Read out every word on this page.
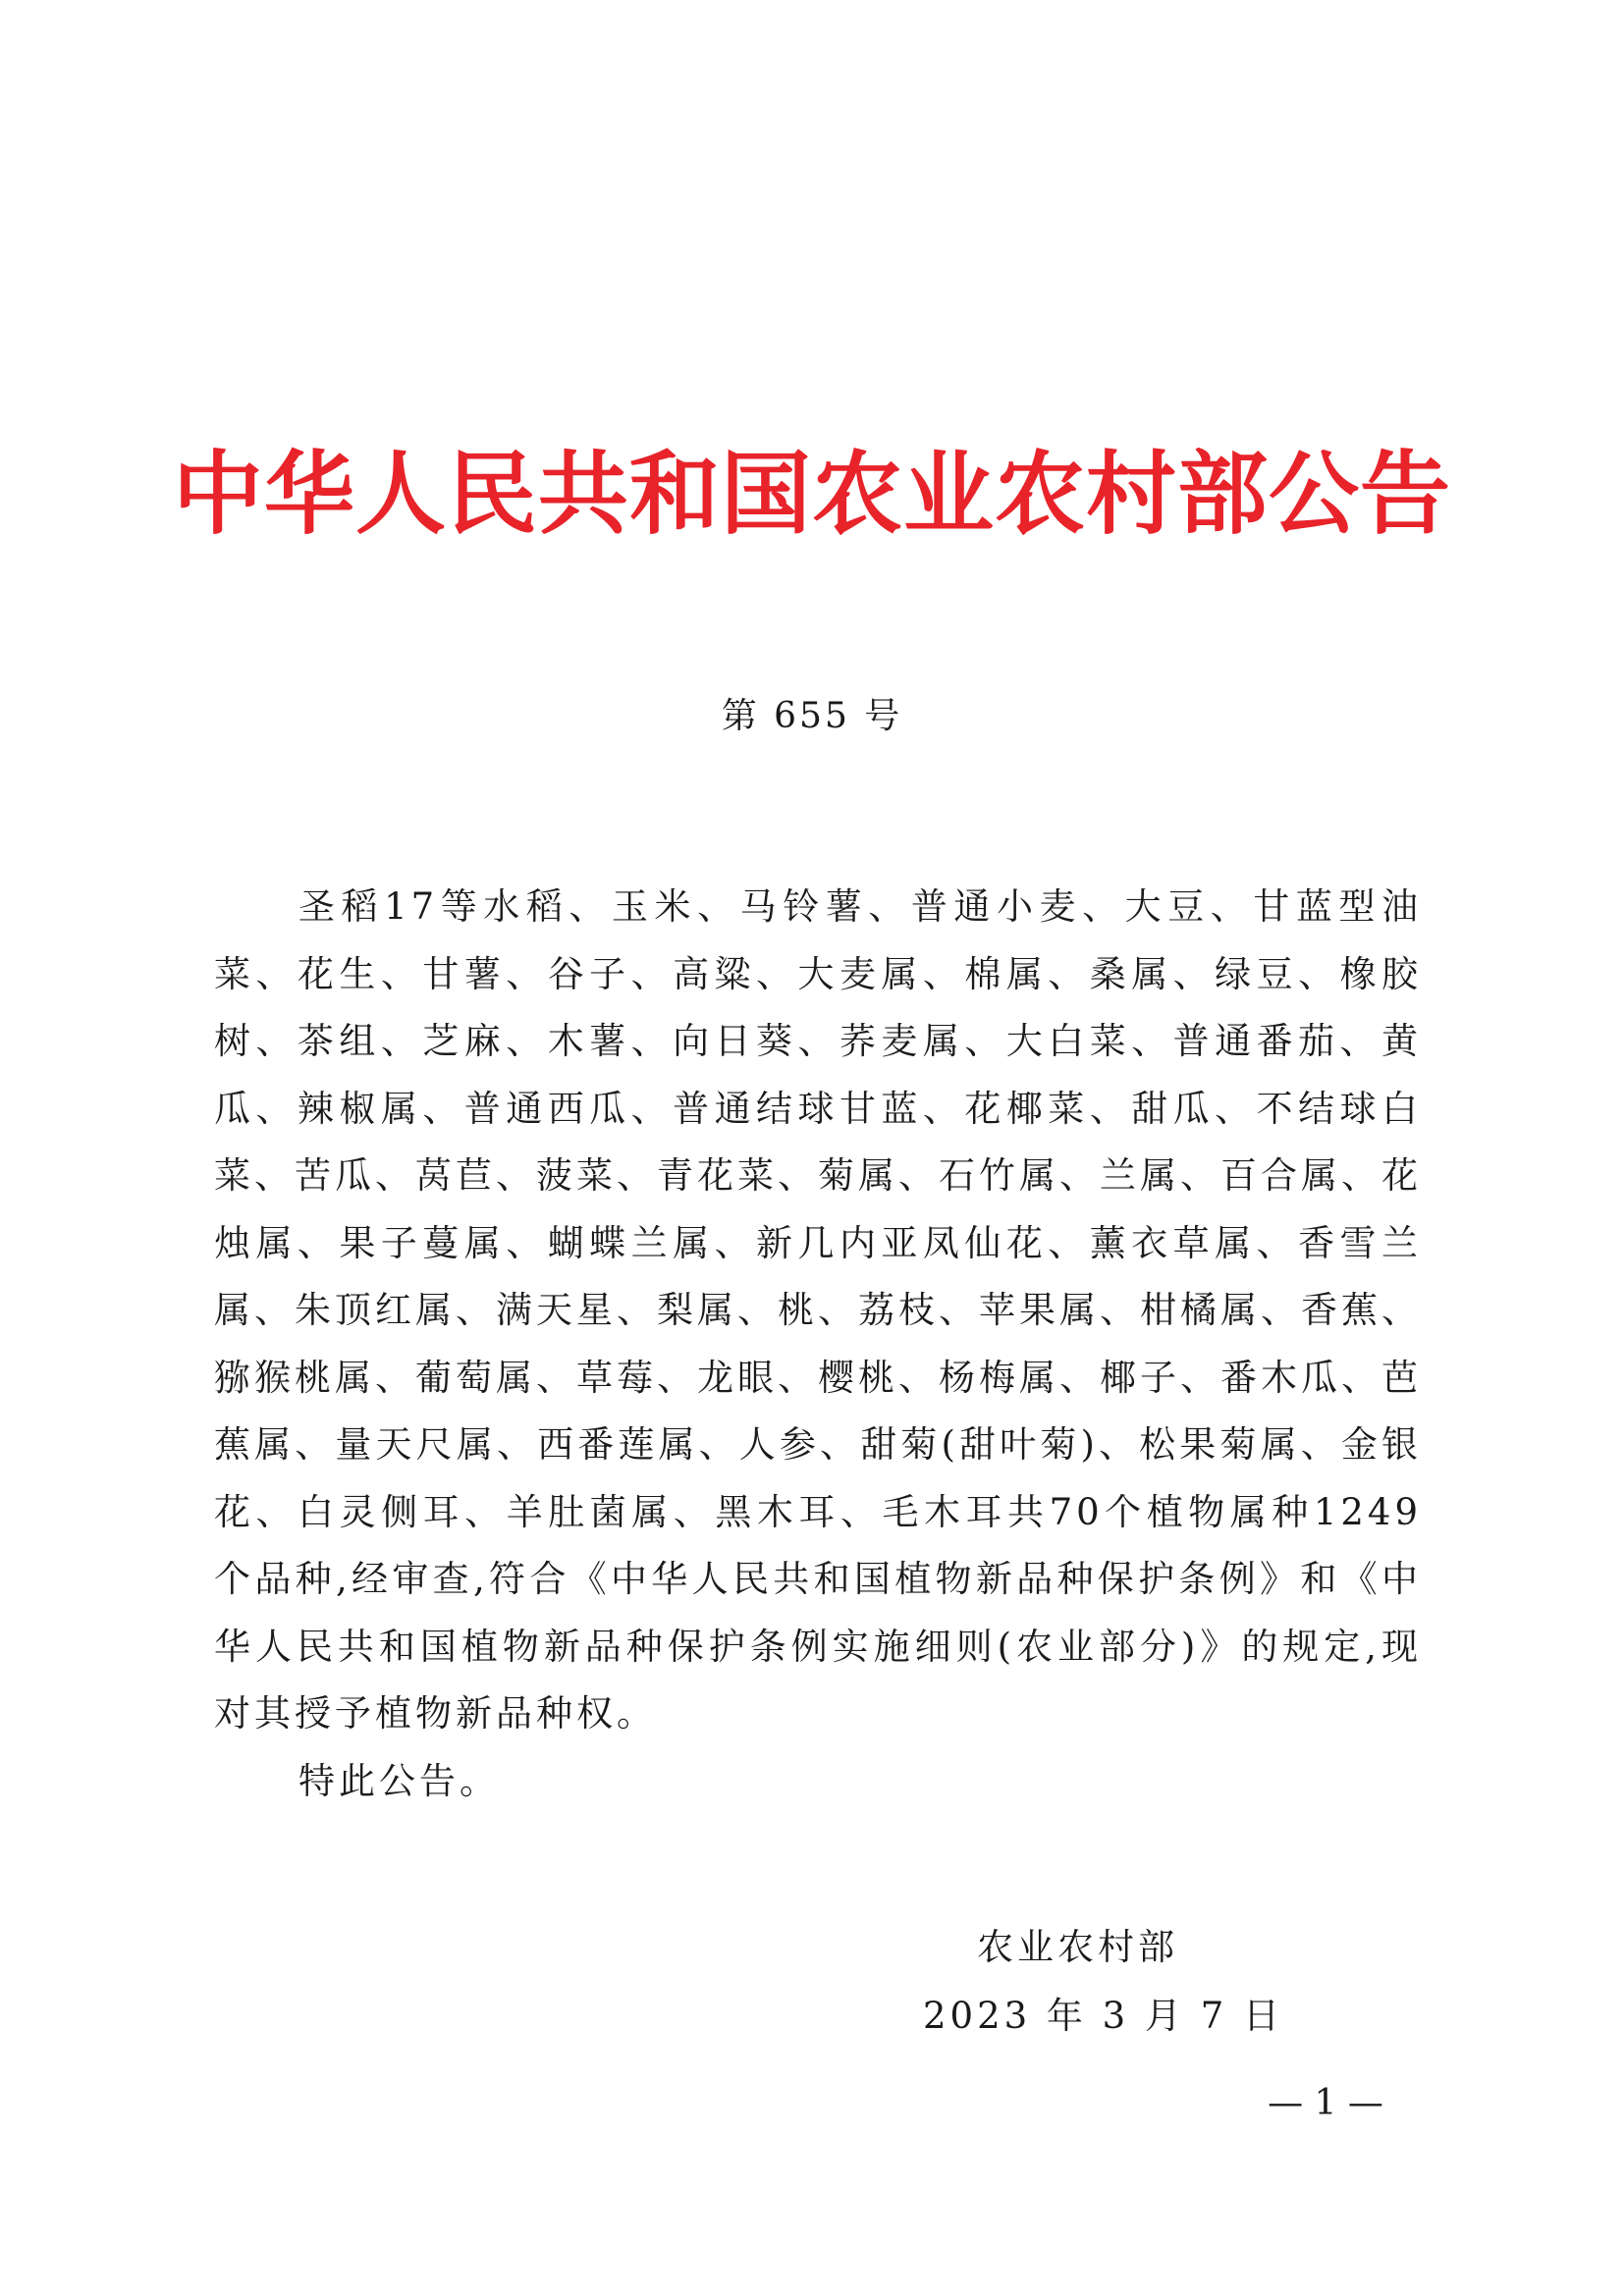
中华人民共和国农业农村部公告
第 655 号

圣稻17等水稻、玉米、马铃薯、普通小麦、大豆、甘蓝型油菜、花生、甘薯、谷子、高粱、大麦属、棉属、桑属、绿豆、橡胶树、茶组、芝麻、木薯、向日葵、荞麦属、大白菜、普通番茄、黄瓜、辣椒属、普通西瓜、普通结球甘蓝、花椰菜、甜瓜、不结球白菜、苦瓜、莴苣、菠菜、青花菜、菊属、石竹属、兰属、百合属、花烛属、果子蔓属、蝴蝶兰属、新几内亚凤仙花、薰衣草属、香雪兰属、朱顶红属、满天星、梨属、桃、荔枝、苹果属、柑橘属、香蕉、猕猴桃属、葡萄属、草莓、龙眼、樱桃、杨梅属、椰子、番木瓜、芭蕉属、量天尺属、西番莲属、人参、甜菊(甜叶菊)、松果菊属、金银花、白灵侧耳、羊肚菌属、黑木耳、毛木耳共70个植物属种1249个品种,经审查,符合《中华人民共和国植物新品种保护条例》和《中华人民共和国植物新品种保护条例实施细则(农业部分)》的规定,现对其授予植物新品种权。

特此公告。

农业农村部
2023 年 3 月 7 日
— 1 —
